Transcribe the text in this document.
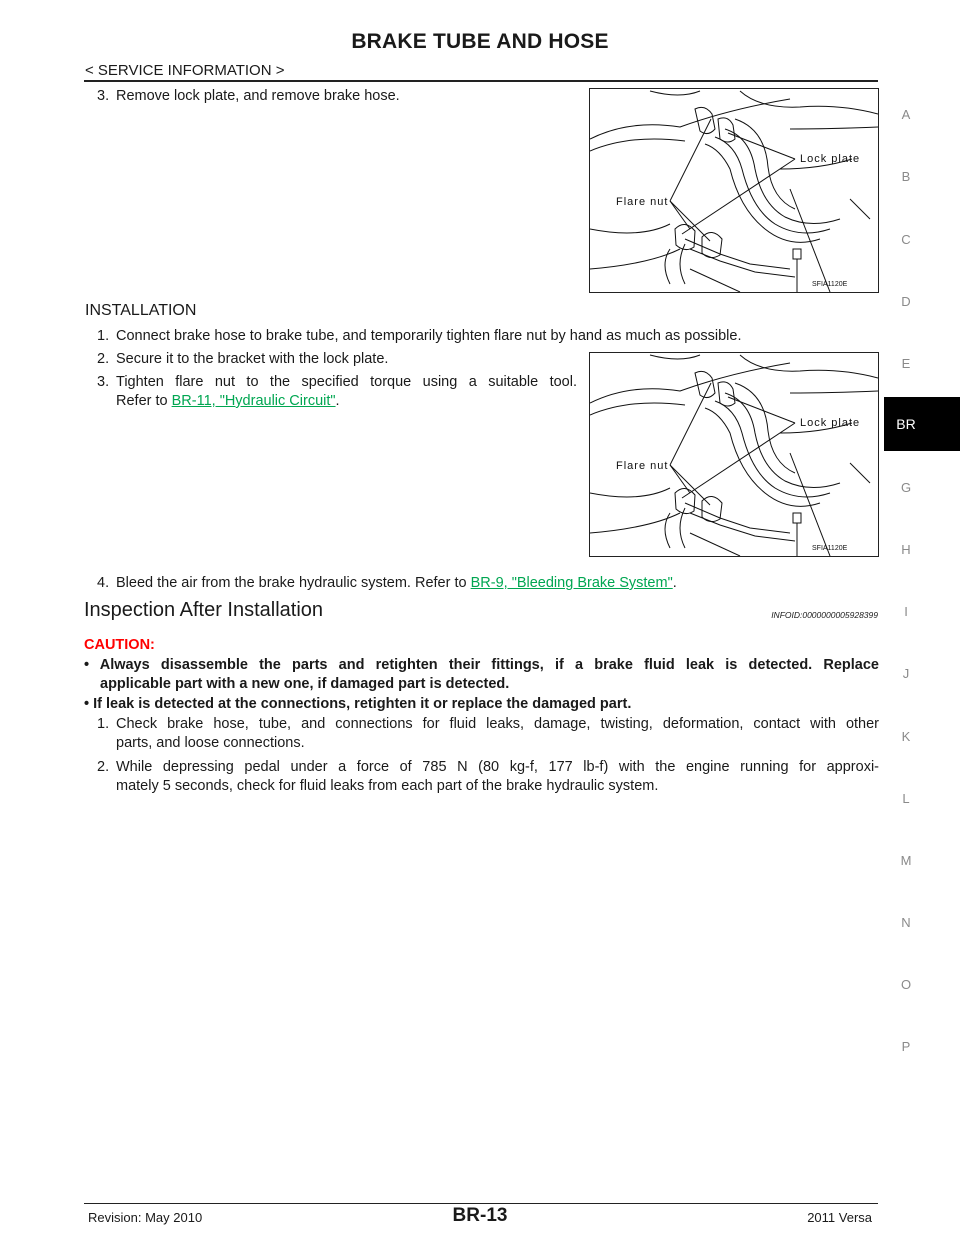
BRAKE TUBE AND HOSE
< SERVICE INFORMATION >
3. Remove lock plate, and remove brake hose.
Lock plate
Flare nut
SFIA1120E
INSTALLATION
1. Connect brake hose to brake tube, and temporarily tighten flare nut by hand as much as possible.
2. Secure it to the bracket with the lock plate.
3. Tighten flare nut to the specified torque using a suitable tool.
Refer to BR-11, "Hydraulic Circuit".
Lock plate
Flare nut
SFIA1120E
4. Bleed the air from the brake hydraulic system. Refer to BR-9, "Bleeding Brake System".
Inspection After Installation	INFOID:0000000005928399
CAUTION:
• Always disassemble the parts and retighten their fittings, if a brake fluid leak is detected. Replace
applicable part with a new one, if damaged part is detected.
• If leak is detected at the connections, retighten it or replace the damaged part.
1. Check brake hose, tube, and connections for fluid leaks, damage, twisting, deformation, contact with other
parts, and loose connections.
2. While depressing pedal under a force of 785 N (80 kg-f, 177 lb-f) with the engine running for approxi-
mately 5 seconds, check for fluid leaks from each part of the brake hydraulic system.
A
B
C
D
E
G
H
I
J
K
L
M
N
O
P
BR
Revision: May 2010	BR-13	2011 Versa
